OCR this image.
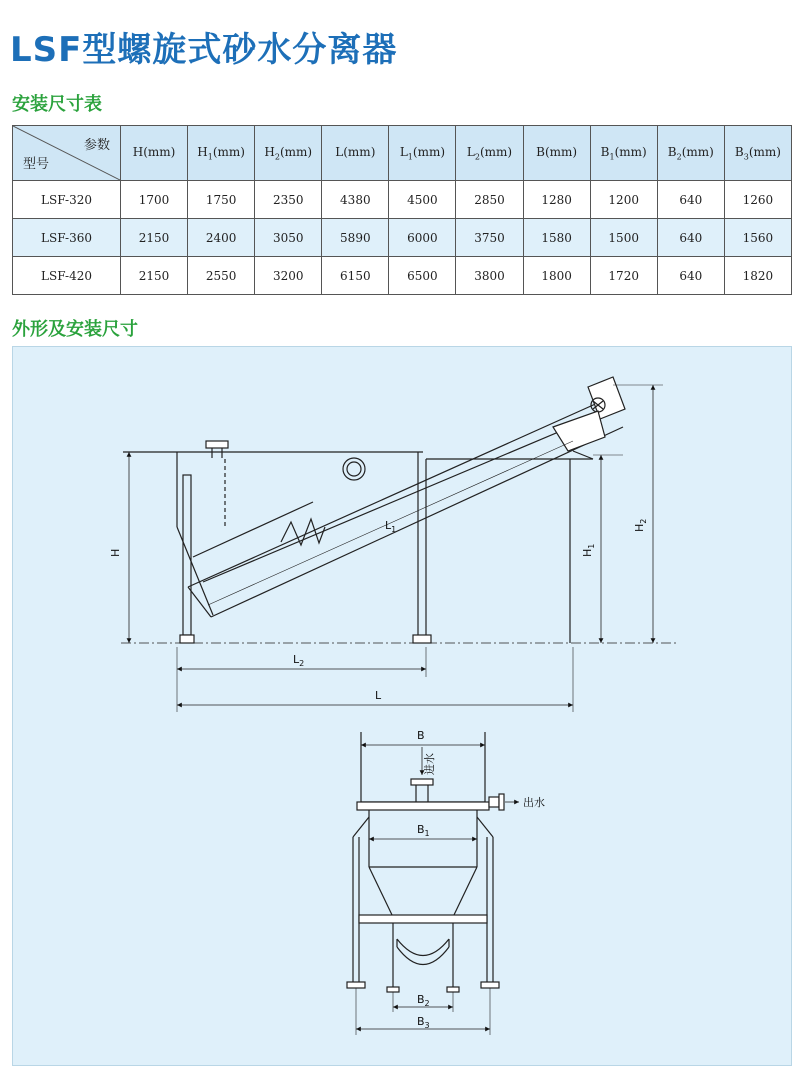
LSF型螺旋式砂水分离器
安装尺寸表
参数
型号	H(mm)	$H_1(mm)$	$H_2(mm)$	L(mm)	$L_1(mm)$	$L_2(mm)$	B(mm)	$B_1(mm)$	$B_2(mm)$	$B_3(mm)$
LSF-320	1700	1750	2350	4380	4500	2850	1280	1200	640	1260
LSF-360	2150	2400	3050	5890	6000	3750	1580	1500	640	1560
LSF-420	2150	2550	3200	6150	6500	3800	1800	1720	640	1820
外形及安装尺寸
H	$H_1$
$H_2$
$L_1$
$L_2$
L
B
$B_1$
$B_2$
$B_3$
进水
出水
